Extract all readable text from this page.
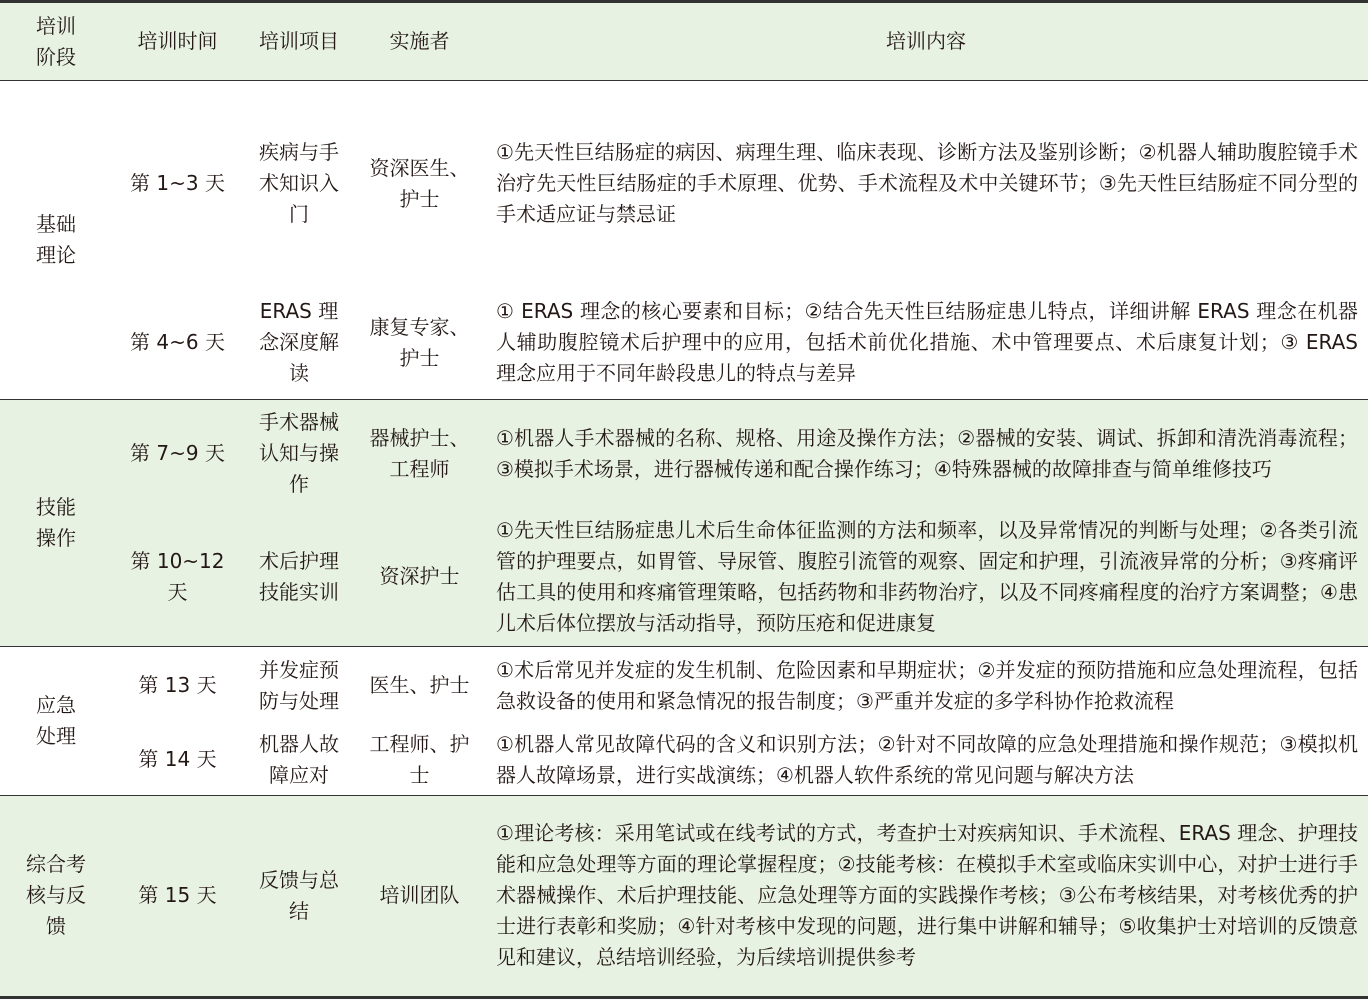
培训阶段	培训时间	培训项目	实施者	培训内容
基础理论	第 1~3 天	疾病与手术知识入门	资深医生、护士	①先天性巨结肠症的病因、病理生理、临床表现、诊断方法及鉴别诊断；②机器人辅助腹腔镜手术治疗先天性巨结肠症的手术原理、优势、手术流程及术中关键环节；③先天性巨结肠症不同分型的手术适应证与禁忌证
	第 4~6 天	ERAS 理念深度解读	康复专家、护士	① ERAS 理念的核心要素和目标；②结合先天性巨结肠症患儿特点，详细讲解 ERAS 理念在机器人辅助腹腔镜术后护理中的应用，包括术前优化措施、术中管理要点、术后康复计划；③ ERAS 理念应用于不同年龄段患儿的特点与差异
技能操作	第 7~9 天	手术器械认知与操作	器械护士、工程师	①机器人手术器械的名称、规格、用途及操作方法；②器械的安装、调试、拆卸和清洗消毒流程；③模拟手术场景，进行器械传递和配合操作练习；④特殊器械的故障排查与简单维修技巧
	第 10~12 天	术后护理技能实训	资深护士	①先天性巨结肠症患儿术后生命体征监测的方法和频率，以及异常情况的判断与处理；②各类引流管的护理要点，如胃管、导尿管、腹腔引流管的观察、固定和护理，引流液异常的分析；③疼痛评估工具的使用和疼痛管理策略，包括药物和非药物治疗，以及不同疼痛程度的治疗方案调整；④患儿术后体位摆放与活动指导，预防压疮和促进康复
应急处理	第 13 天	并发症预防与处理	医生、护士	①术后常见并发症的发生机制、危险因素和早期症状；②并发症的预防措施和应急处理流程，包括急救设备的使用和紧急情况的报告制度；③严重并发症的多学科协作抢救流程
	第 14 天	机器人故障应对	工程师、护士	①机器人常见故障代码的含义和识别方法；②针对不同故障的应急处理措施和操作规范；③模拟机器人故障场景，进行实战演练；④机器人软件系统的常见问题与解决方法
综合考核与反馈	第 15 天	反馈与总结	培训团队	①理论考核：采用笔试或在线考试的方式，考查护士对疾病知识、手术流程、ERAS 理念、护理技能和应急处理等方面的理论掌握程度；②技能考核：在模拟手术室或临床实训中心，对护士进行手术器械操作、术后护理技能、应急处理等方面的实践操作考核；③公布考核结果，对考核优秀的护士进行表彰和奖励；④针对考核中发现的问题，进行集中讲解和辅导；⑤收集护士对培训的反馈意见和建议，总结培训经验，为后续培训提供参考
